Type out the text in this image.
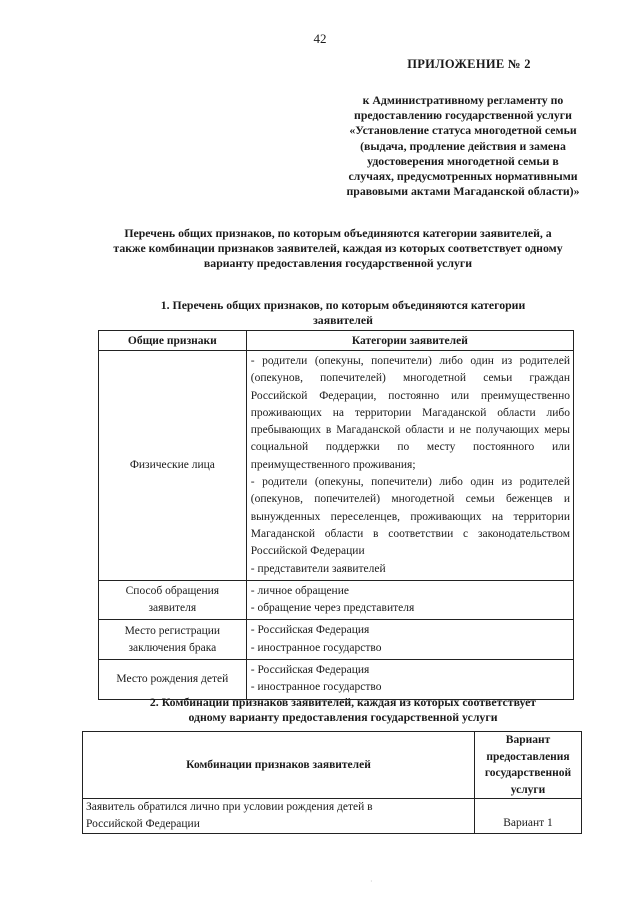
42
ПРИЛОЖЕНИЕ № 2
к Административному регламенту по
предоставлению государственной услуги
«Установление статуса многодетной семьи
(выдача, продление действия и замена
удостоверения многодетной семьи в
случаях, предусмотренных нормативными
правовыми актами Магаданской области)»
Перечень общих признаков, по которым объединяются категории заявителей, а
также комбинации признаков заявителей, каждая из которых соответствует одному
варианту предоставления государственной услуги
1. Перечень общих признаков, по которым объединяются категории
заявителей
Общие признаки	Категории заявителей
Физические лица	- родители (опекуны, попечители) либо один из родителей (опекунов, попечителей) многодетной семьи граждан Российской Федерации, постоянно или преимущественно проживающих на территории Магаданской области либо пребывающих в Магаданской области и не получающих меры социальной поддержки по месту постоянного или преимущественного проживания;
- родители (опекуны, попечители) либо один из родителей (опекунов, попечителей) многодетной семьи беженцев и вынужденных переселенцев, проживающих на территории Магаданской области в соответствии с законодательством Российской Федерации
- представители заявителей

Способ обращения заявителя	- личное обращение
- обращение через представителя

Место регистрации заключения брака	- Российская Федерация
- иностранное государство

Место рождения детей	- Российская Федерация
- иностранное государство
2. Комбинации признаков заявителей, каждая из которых соответствует
одному варианту предоставления государственной услуги
Комбинации признаков заявителей	Вариант
предоставления
государственной
услуги

Заявитель обратился лично при условии рождения детей в
Российской Федерации	Вариант 1
·
